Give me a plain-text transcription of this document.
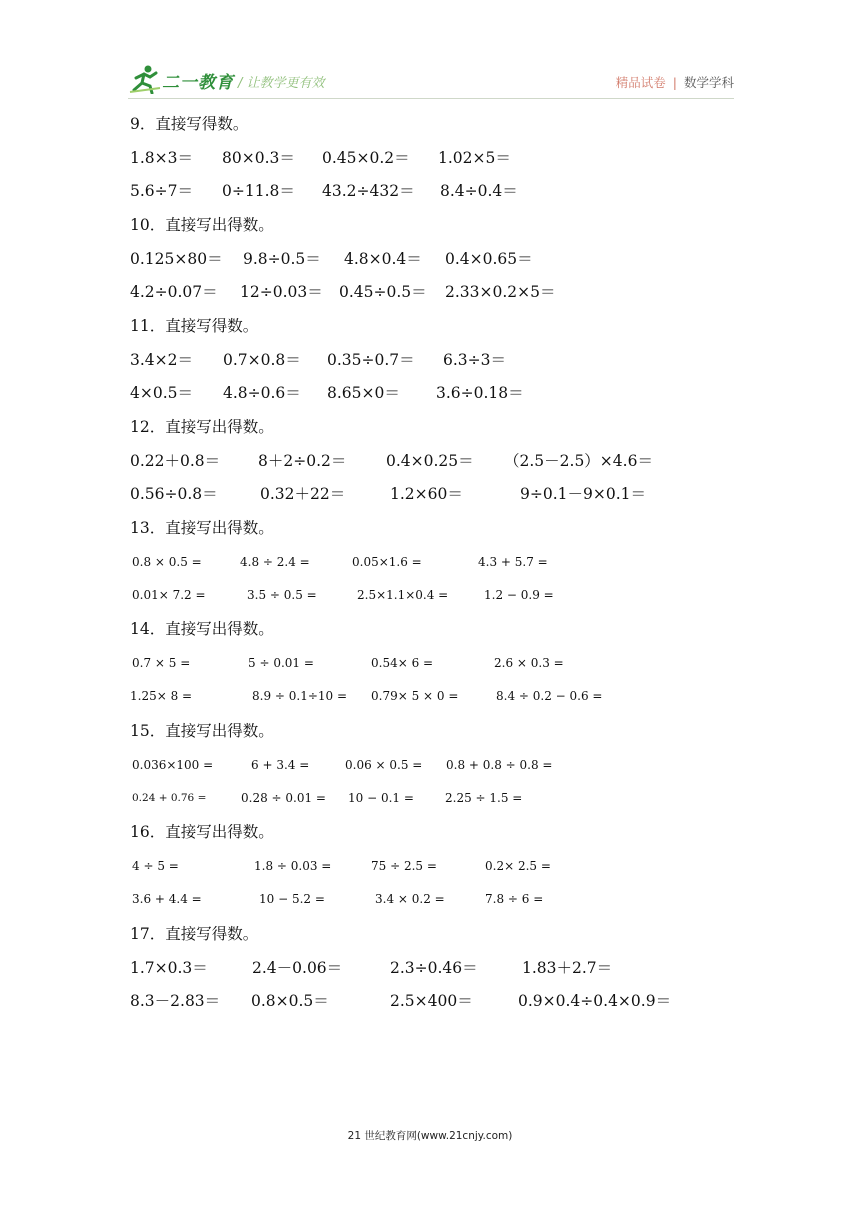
二一教育 / 让教学更有效	精品试卷 | 数学学科
9．直接写得数。
1.8×3＝ 80×0.3＝ 0.45×0.2＝ 1.02×5＝
5.6÷7＝ 0÷11.8＝ 43.2÷432＝ 8.4÷0.4＝
10．直接写出得数。
0.125×80＝ 9.8÷0.5＝ 4.8×0.4＝ 0.4×0.65＝
4.2÷0.07＝ 12÷0.03＝ 0.45÷0.5＝ 2.33×0.2×5＝
11．直接写得数。
3.4×2＝ 0.7×0.8＝ 0.35÷0.7＝ 6.3÷3＝
4×0.5＝ 4.8÷0.6＝ 8.65×0＝ 3.6÷0.18＝
12．直接写出得数。
0.22＋0.8＝ 8＋2÷0.2＝	0.4×0.25＝ （2.5－2.5）×4.6＝
0.56÷0.8＝	0.32＋22＝	1.2×60＝	9÷0.1－9×0.1＝
13．直接写出得数。
0.8 × 0.5 =	4.8 ÷ 2.4 =	0.05×1.6 =	4.3 + 5.7 =
0.01× 7.2 =	3.5 ÷ 0.5 =	2.5×1.1×0.4 =	1.2 − 0.9 =
14．直接写出得数。
0.7 × 5 =	5 ÷ 0.01 =	0.54× 6 =	2.6 × 0.3 =
1.25× 8 =	8.9 ÷ 0.1÷10 = 0.79× 5 × 0 =	8.4 ÷ 0.2 − 0.6 =
15．直接写出得数。
0.036×100 =	6 + 3.4 =	0.06 × 0.5 = 0.8 + 0.8 ÷ 0.8 =
0.24 + 0.76 =	0.28 ÷ 0.01 = 10 − 0.1 =	2.25 ÷ 1.5 =
16．直接写出得数。
4 ÷ 5 =	1.8 ÷ 0.03 =	75 ÷ 2.5 =	0.2× 2.5 =
3.6 + 4.4 =	10 − 5.2 =	3.4 × 0.2 =	7.8 ÷ 6 =
17．直接写得数。
1.7×0.3＝	2.4－0.06＝	2.3÷0.46＝	1.83＋2.7＝
8.3－2.83＝ 0.8×0.5＝	2.5×400＝	0.9×0.4÷0.4×0.9＝
21 世纪教育网(www.21cnjy.com)
